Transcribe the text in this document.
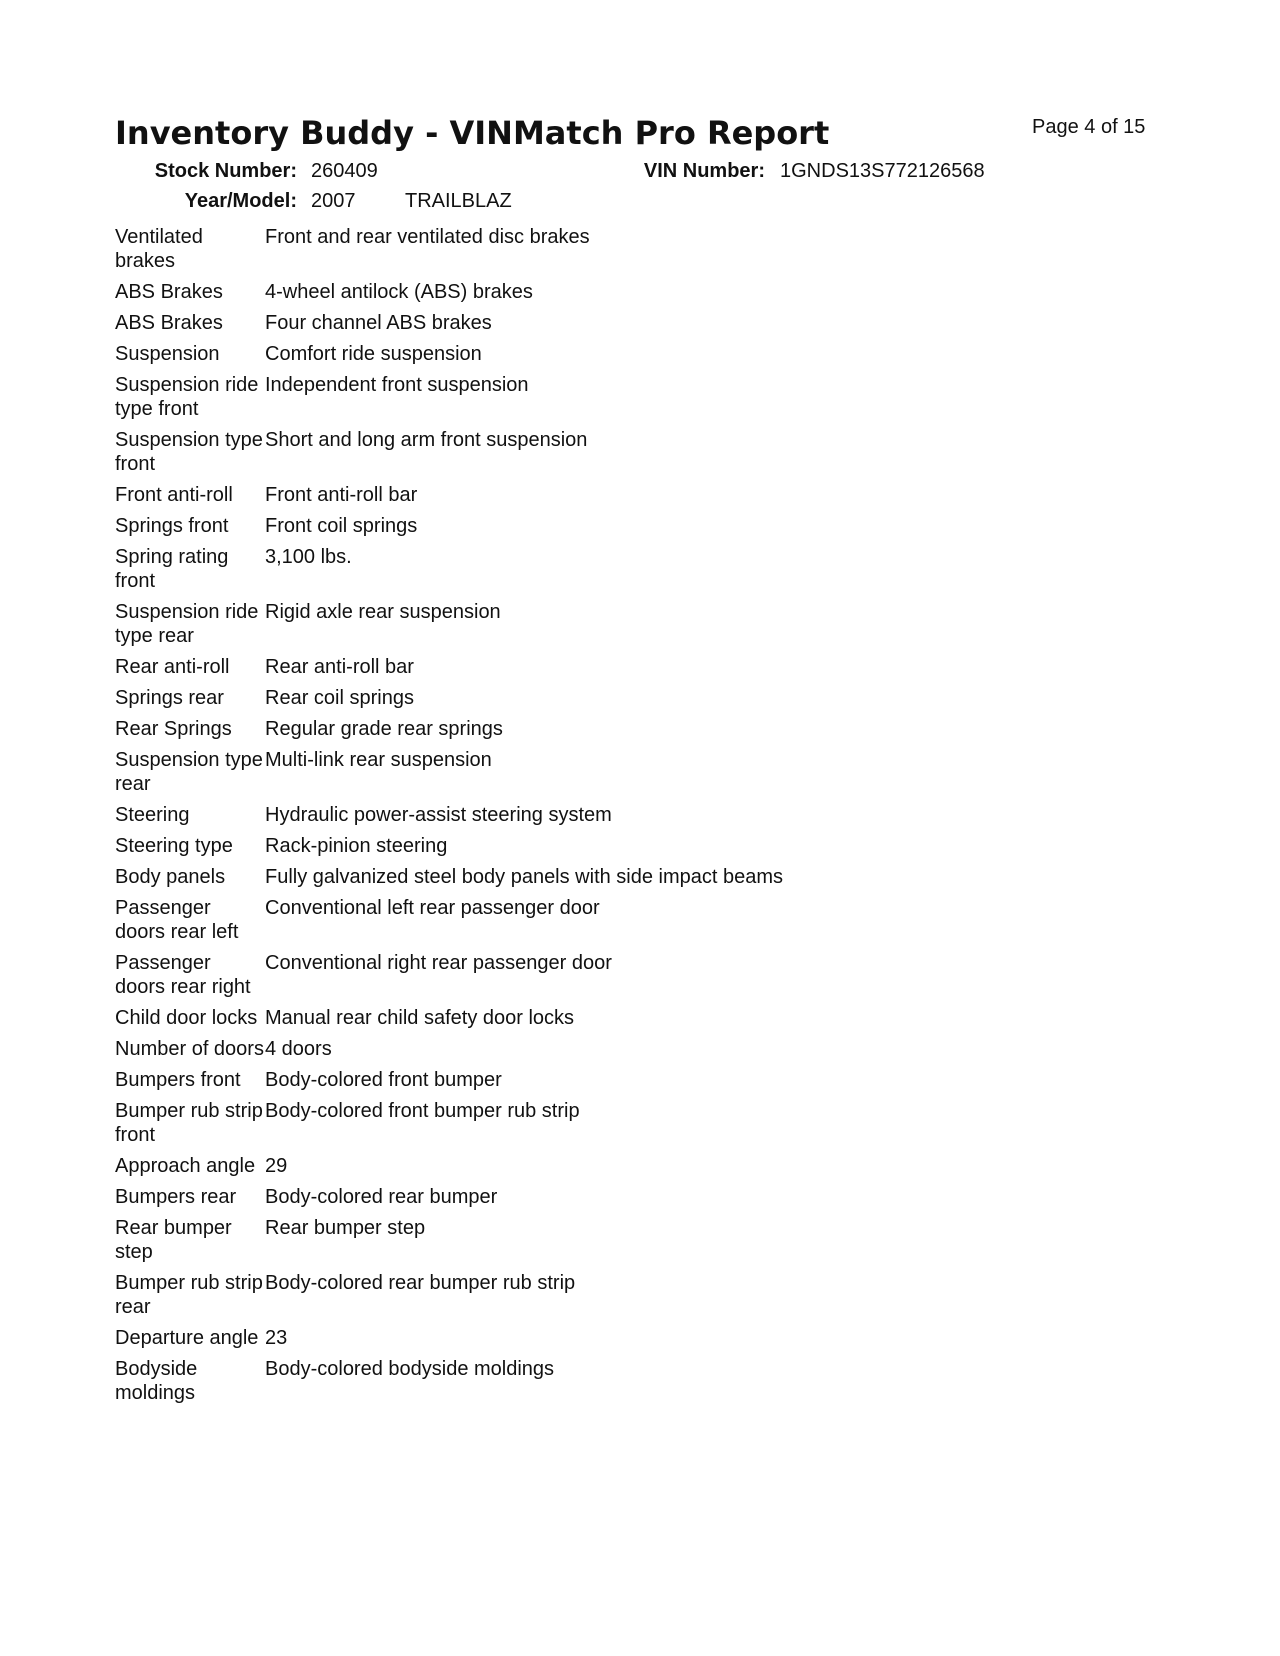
Page 4 of 15
Inventory Buddy - VINMatch Pro Report
Stock Number: 260409	VIN Number: 1GNDS13S772126568
Year/Model: 2007 TRAILBLAZ
Ventilated brakes	Front and rear ventilated disc brakes
ABS Brakes	4-wheel antilock (ABS) brakes
ABS Brakes	Four channel ABS brakes
Suspension	Comfort ride suspension
Suspension ride type front	Independent front suspension
Suspension type front	Short and long arm front suspension
Front anti-roll	Front anti-roll bar
Springs front	Front coil springs
Spring rating front	3,100 lbs.
Suspension ride type rear	Rigid axle rear suspension
Rear anti-roll	Rear anti-roll bar
Springs rear	Rear coil springs
Rear Springs	Regular grade rear springs
Suspension type rear	Multi-link rear suspension
Steering	Hydraulic power-assist steering system
Steering type	Rack-pinion steering
Body panels	Fully galvanized steel body panels with side impact beams
Passenger doors rear left	Conventional left rear passenger door
Passenger doors rear right	Conventional right rear passenger door
Child door locks	Manual rear child safety door locks
Number of doors	4 doors
Bumpers front	Body-colored front bumper
Bumper rub strip front	Body-colored front bumper rub strip
Approach angle	29
Bumpers rear	Body-colored rear bumper
Rear bumper step	Rear bumper step
Bumper rub strip rear	Body-colored rear bumper rub strip
Departure angle	23
Bodyside moldings	Body-colored bodyside moldings
